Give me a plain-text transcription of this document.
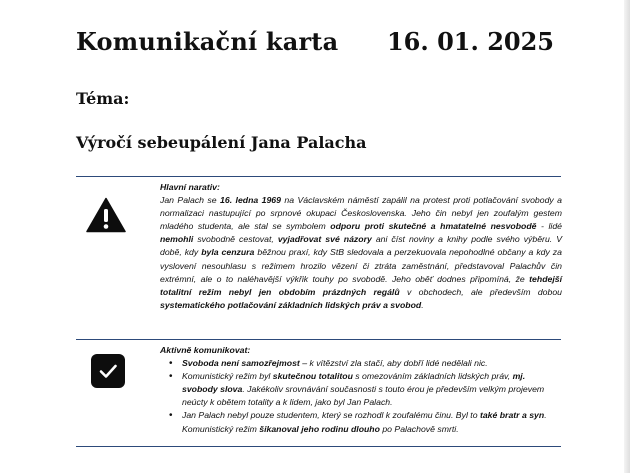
Komunikační karta 16. 01. 2025
Téma:
Výročí sebeupálení Jana Palacha

Hlavní narativ:

Jan Palach se 16. ledna 1969 na Václavském náměstí zapálil na protest proti potlačování svobody a normalizaci nastupující po srpnové okupaci Československa. Jeho čin nebyl jen zoufalým gestem mladého studenta, ale stal se symbolem odporu proti skutečné a hmatatelné nesvobodě - lidé nemohli svobodně cestovat, vyjadřovat své názory ani číst noviny a knihy podle svého výběru. V době, kdy byla cenzura běžnou praxí, kdy StB sledovala a perzekuovala nepohodlné občany a kdy za vyslovení nesouhlasu s režimem hrozilo vězení či ztráta zaměstnání, představoval Palachův čin extrémní, ale o to naléhavější výkřik touhy po svobodě. Jeho oběť dodnes připomíná, že tehdejší totalitní režim nebyl jen obdobím prázdných regálů v obchodech, ale především dobou systematického potlačování základních lidských práv a svobod.

Aktivně komunikovat:

• Svoboda není samozřejmost – k vítězství zla stačí, aby dobří lidé nedělali nic.
• Komunistický režim byl skutečnou totalitou s omezováním základních lidských práv, mj. svobody slova. Jakékoliv srovnávání současnosti s touto érou je především velkým projevem neúcty k obětem totality a k lidem, jako byl Jan Palach.
• Jan Palach nebyl pouze studentem, který se rozhodl k zoufalému činu. Byl to také bratr a syn. Komunistický režim šikanoval jeho rodinu dlouho po Palachově smrti.
